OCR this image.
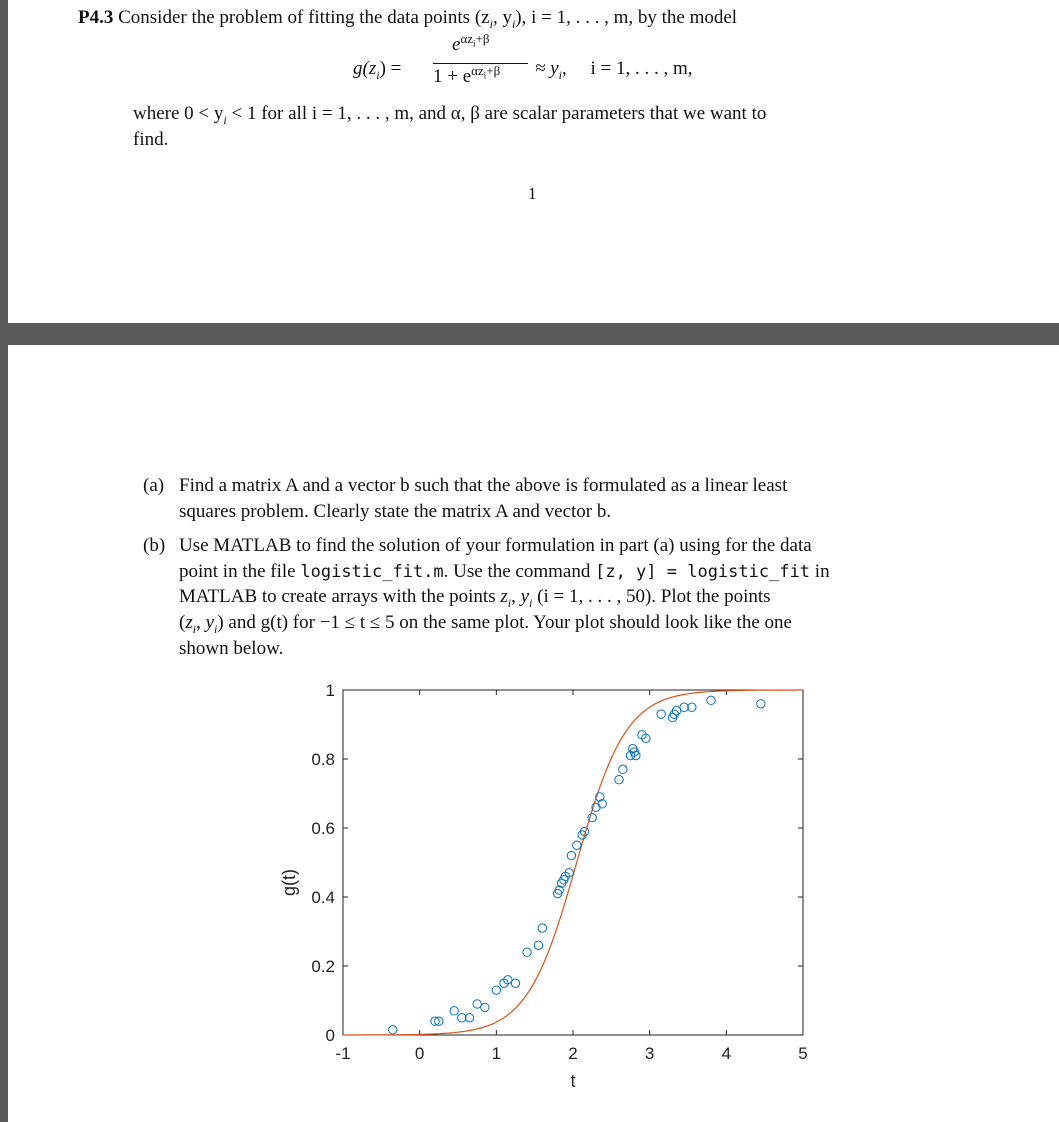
P4.3 Consider the problem of fitting the data points ($z_i$, $y_i$), i = 1, . . . , m, by the model
$g(z_i)$ =
$e^{\alpha z_i+\beta}$
$1 + e^{\alpha z_i+\beta} \approx y_i$,     i = 1, . . . , m,
where $0 < y_i < 1$ for all i = 1, . . . , m, and α, β are scalar parameters that we want to
find.
1
(a) Find a matrix A and a vector b such that the above is formulated as a linear least
squares problem. Clearly state the matrix A and vector b.
(b) Use MATLAB to find the solution of your formulation in part (a) using for the data
point in the file logistic_fit.m. Use the command [z, y] = logistic_fit in
MATLAB to create arrays with the points $z_i$, $y_i$ (i = 1, . . . , 50). Plot the points
($z_i$, $y_i$) and g(t) for −1 ≤ t ≤ 5 on the same plot. Your plot should look like the one
shown below.
-1	0	1	2	3	4	5
0
0.2
0.4
0.6
0.8
1
t
g(t)
